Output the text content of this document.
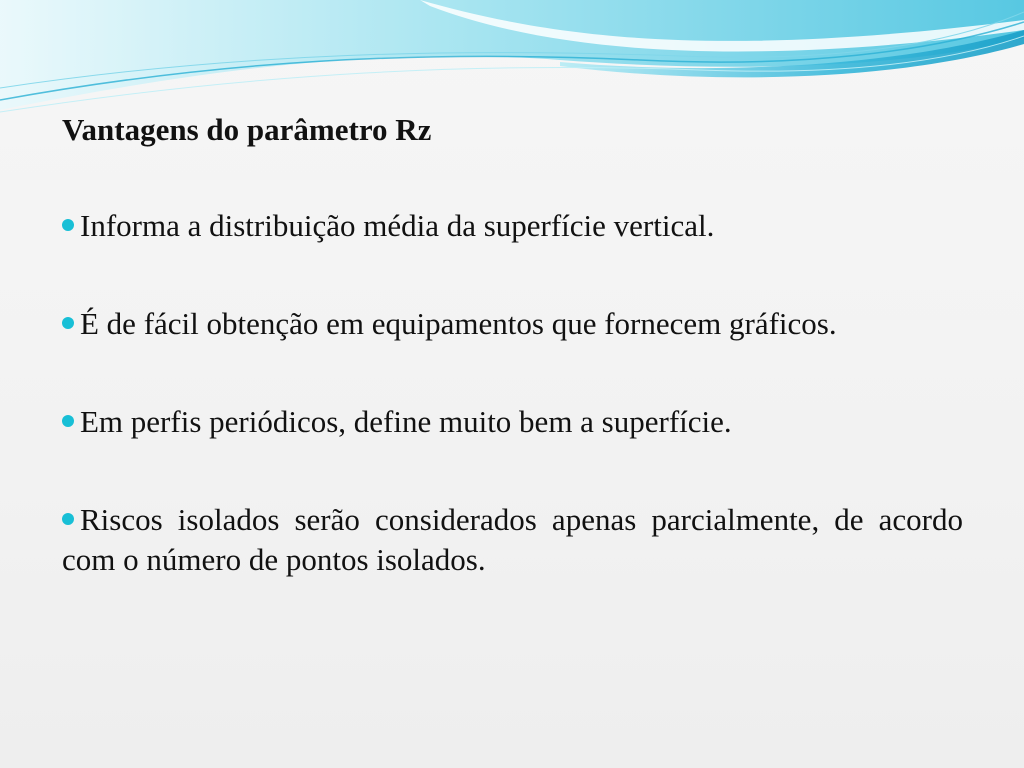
Vantagens do parâmetro Rz
Informa a distribuição média da superfície vertical.
É de fácil obtenção em equipamentos que fornecem gráficos.
Em perfis periódicos, define muito bem a superfície.
Riscos isolados serão considerados apenas parcialmente, de acordo com o número de pontos isolados.
